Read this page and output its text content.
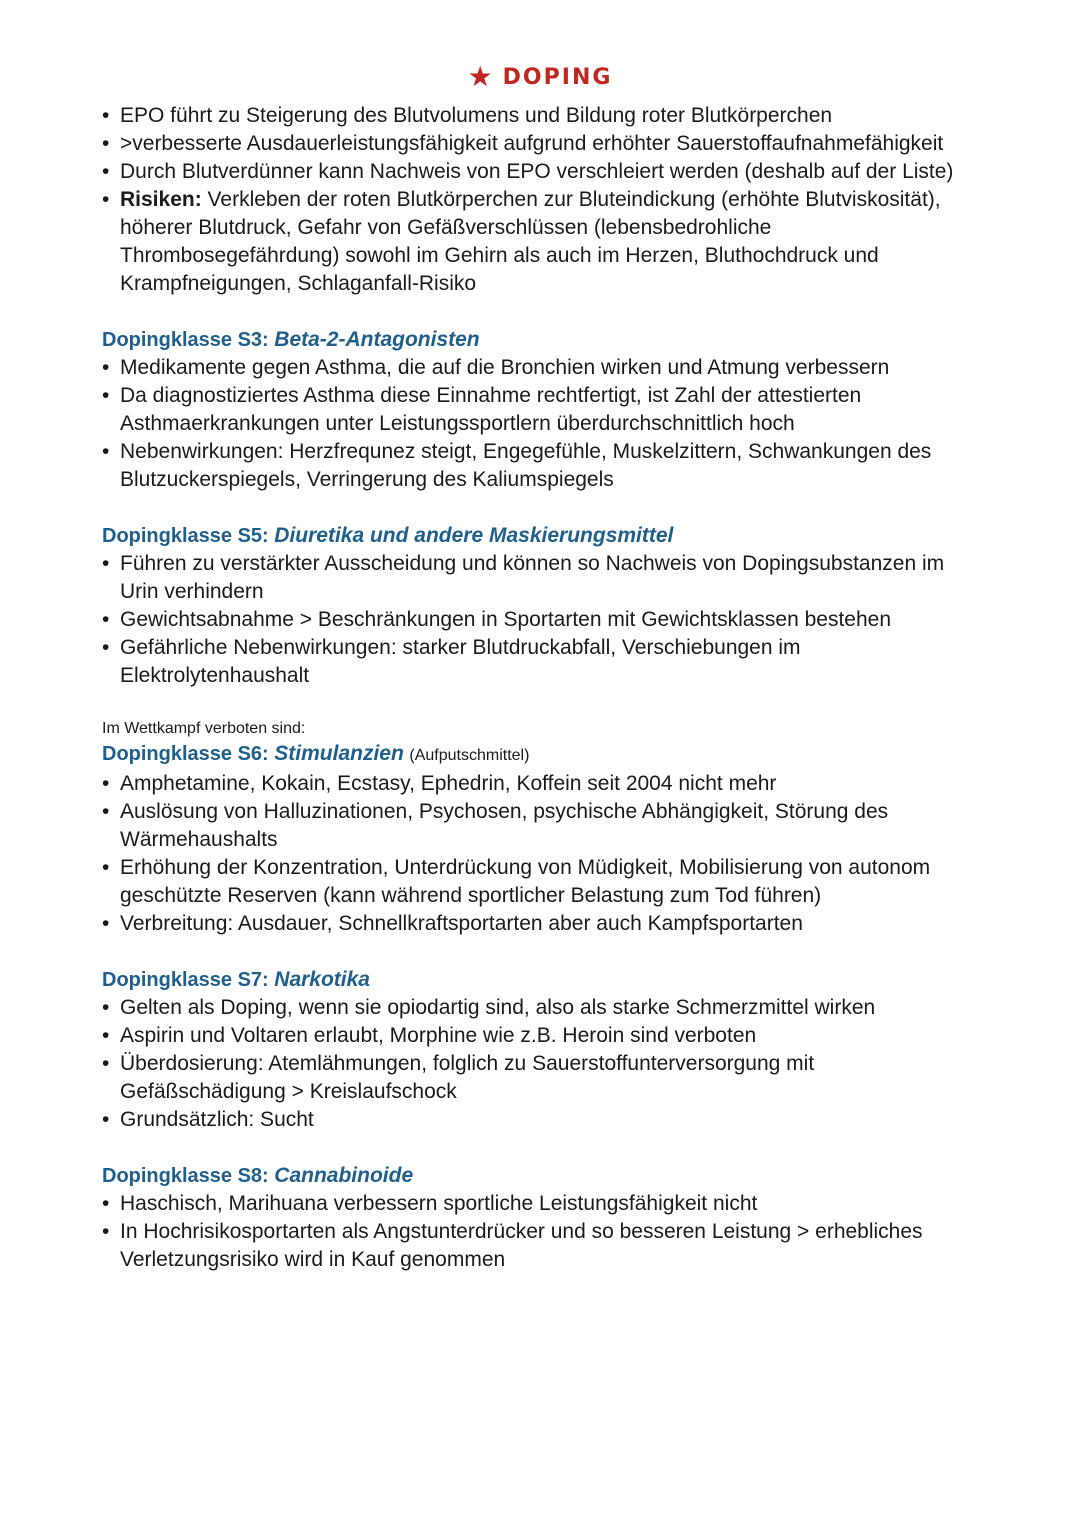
★ DOPING
• EPO führt zu Steigerung des Blutvolumens und Bildung roter Blutkörperchen
• >verbesserte Ausdauerleistungsfähigkeit aufgrund erhöhter Sauerstoffaufnahmefähigkeit
• Durch Blutverdünner kann Nachweis von EPO verschleiert werden (deshalb auf der Liste)
• Risiken: Verkleben der roten Blutkörperchen zur Bluteindickung (erhöhte Blutviskosität), höherer Blutdruck, Gefahr von Gefäßverschlüssen (lebensbedrohliche Thrombosegefährdung) sowohl im Gehirn als auch im Herzen, Bluthochdruck und Krampfneigungen, Schlaganfall-Risiko
Dopingklasse S3: Beta-2-Antagonisten
• Medikamente gegen Asthma, die auf die Bronchien wirken und Atmung verbessern
• Da diagnostiziertes Asthma diese Einnahme rechtfertigt, ist Zahl der attestierten Asthmaerkrankungen unter Leistungssportlern überdurchschnittlich hoch
• Nebenwirkungen: Herzfrequnez steigt, Engegefühle, Muskelzittern, Schwankungen des Blutzuckerspiegels, Verringerung des Kaliumspiegels
Dopingklasse S5: Diuretika und andere Maskierungsmittel
• Führen zu verstärkter Ausscheidung und können so Nachweis von Dopingsubstanzen im Urin verhindern
• Gewichtsabnahme > Beschränkungen in Sportarten mit Gewichtsklassen bestehen
• Gefährliche Nebenwirkungen: starker Blutdruckabfall, Verschiebungen im Elektrolytenhaushalt
Im Wettkampf verboten sind:
Dopingklasse S6: Stimulanzien (Aufputschmittel)
• Amphetamine, Kokain, Ecstasy, Ephedrin, Koffein seit 2004 nicht mehr
• Auslösung von Halluzinationen, Psychosen, psychische Abhängigkeit, Störung des Wärmehaushalts
• Erhöhung der Konzentration, Unterdrückung von Müdigkeit, Mobilisierung von autonom geschützte Reserven (kann während sportlicher Belastung zum Tod führen)
• Verbreitung: Ausdauer, Schnellkraftsportarten aber auch Kampfsportarten
Dopingklasse S7: Narkotika
• Gelten als Doping, wenn sie opiodartig sind, also als starke Schmerzmittel wirken
• Aspirin und Voltaren erlaubt, Morphine wie z.B. Heroin sind verboten
• Überdosierung: Atemlähmungen, folglich zu Sauerstoffunterversorgung mit Gefäßschädigung > Kreislaufschock
• Grundsätzlich: Sucht
Dopingklasse S8: Cannabinoide
• Haschisch, Marihuana verbessern sportliche Leistungsfähigkeit nicht
• In Hochrisikosportarten als Angstunterdrücker und so besseren Leistung > erhebliches Verletzungsrisiko wird in Kauf genommen
